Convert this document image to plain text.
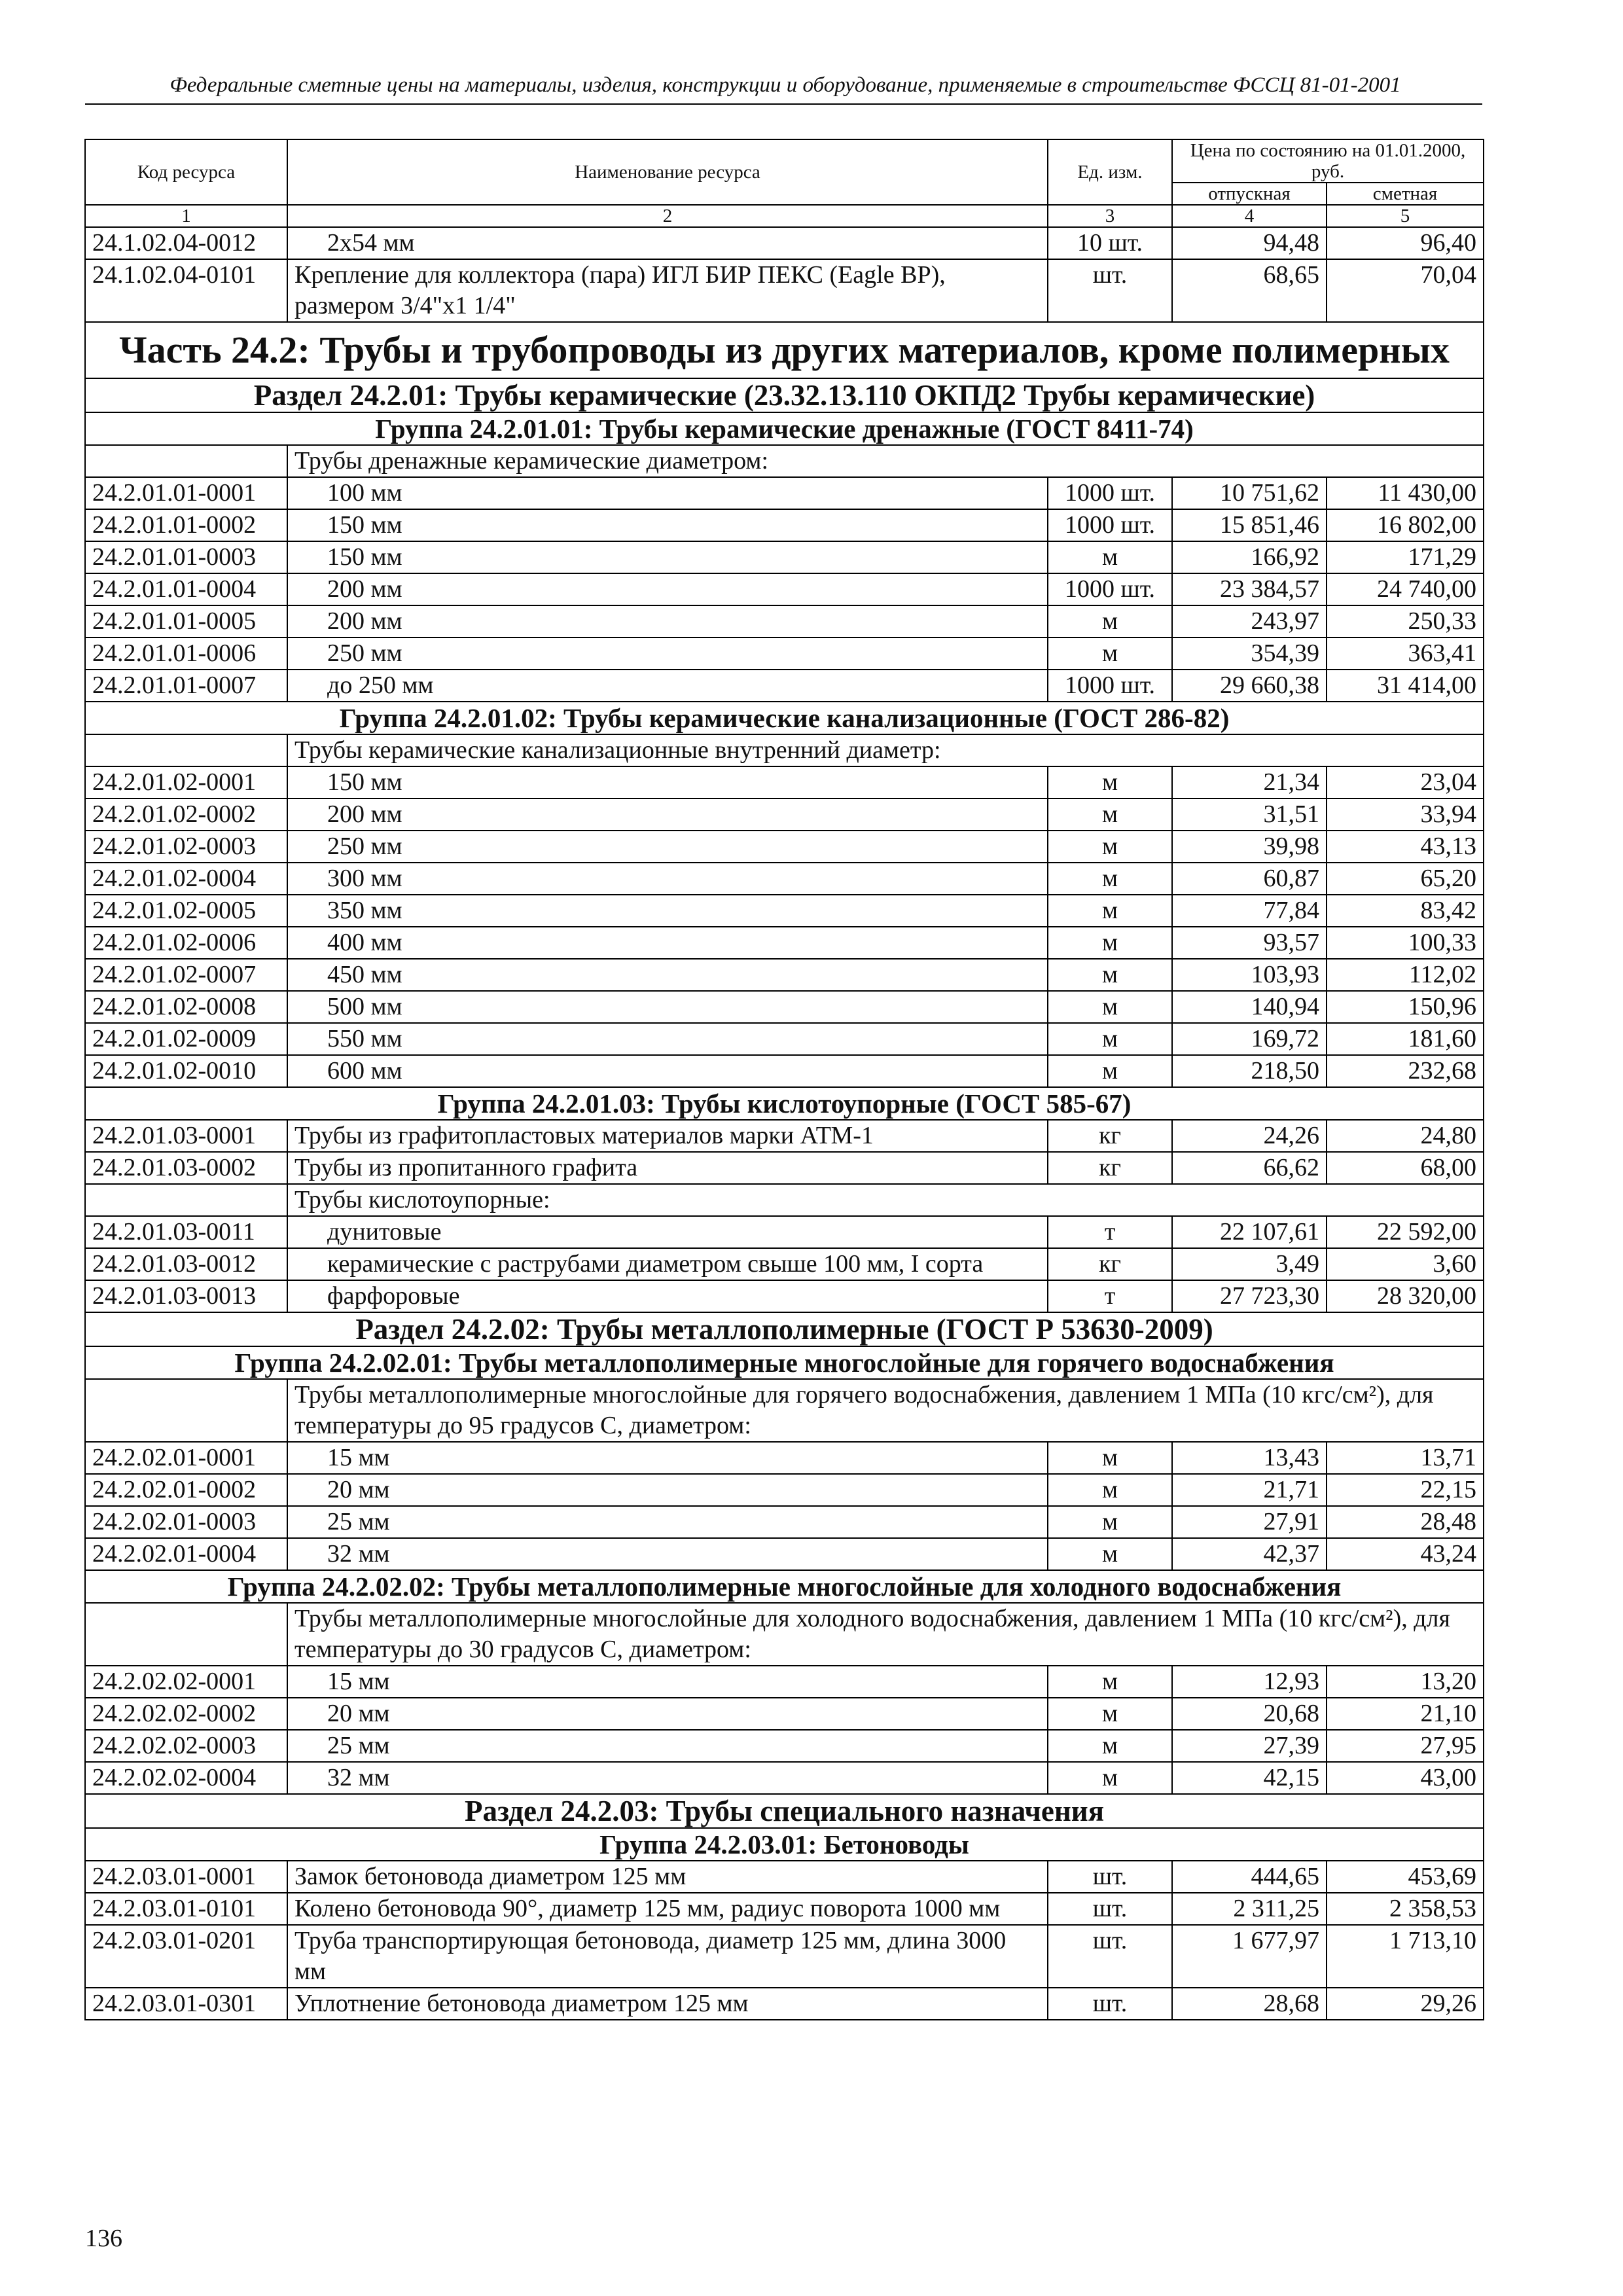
Федеральные сметные цены на материалы, изделия, конструкции и оборудование, применяемые в строительстве ФССЦ 81-01-2001
Код ресурса	Наименование ресурса	Ед. изм.	Цена по состоянию на 01.01.2000, руб.	
			отпускная	сметная
1	2	3	4	5
24.1.02.04-0012	2x54 мм	10 шт.	94,48	96,40
24.1.02.04-0101	Крепление для коллектора (пара) ИГЛ БИР ПЕКС (Eagle BP), размером 3/4"x1 1/4"	шт.	68,65	70,04
Часть 24.2: Трубы и трубопроводы из других материалов, кроме полимерных				
Раздел 24.2.01: Трубы керамические (23.32.13.110 ОКПД2 Трубы керамические)				
Группа 24.2.01.01: Трубы керамические дренажные (ГОСТ 8411-74)				
	Трубы дренажные керамические диаметром:			
24.2.01.01-0001	100 мм	1000 шт.	10 751,62	11 430,00
24.2.01.01-0002	150 мм	1000 шт.	15 851,46	16 802,00
24.2.01.01-0003	150 мм	м	166,92	171,29
24.2.01.01-0004	200 мм	1000 шт.	23 384,57	24 740,00
24.2.01.01-0005	200 мм	м	243,97	250,33
24.2.01.01-0006	250 мм	м	354,39	363,41
24.2.01.01-0007	до 250 мм	1000 шт.	29 660,38	31 414,00
Группа 24.2.01.02: Трубы керамические канализационные (ГОСТ 286-82)				
	Трубы керамические канализационные внутренний диаметр:			
24.2.01.02-0001	150 мм	м	21,34	23,04
24.2.01.02-0002	200 мм	м	31,51	33,94
24.2.01.02-0003	250 мм	м	39,98	43,13
24.2.01.02-0004	300 мм	м	60,87	65,20
24.2.01.02-0005	350 мм	м	77,84	83,42
24.2.01.02-0006	400 мм	м	93,57	100,33
24.2.01.02-0007	450 мм	м	103,93	112,02
24.2.01.02-0008	500 мм	м	140,94	150,96
24.2.01.02-0009	550 мм	м	169,72	181,60
24.2.01.02-0010	600 мм	м	218,50	232,68
Группа 24.2.01.03: Трубы кислотоупорные (ГОСТ 585-67)				
24.2.01.03-0001	Трубы из графитопластовых материалов марки АТМ-1	кг	24,26	24,80
24.2.01.03-0002	Трубы из пропитанного графита	кг	66,62	68,00
	Трубы кислотоупорные:			
24.2.01.03-0011	дунитовые	т	22 107,61	22 592,00
24.2.01.03-0012	керамические с раструбами диаметром свыше 100 мм, I сорта	кг	3,49	3,60
24.2.01.03-0013	фарфоровые	т	27 723,30	28 320,00
Раздел 24.2.02: Трубы металлополимерные (ГОСТ Р 53630-2009)				
Группа 24.2.02.01: Трубы металлополимерные многослойные для горячего водоснабжения				
	Трубы металлополимерные многослойные для горячего водоснабжения, давлением 1 МПа (10 кгс/см²), для температуры до 95 градусов С, диаметром:			
24.2.02.01-0001	15 мм	м	13,43	13,71
24.2.02.01-0002	20 мм	м	21,71	22,15
24.2.02.01-0003	25 мм	м	27,91	28,48
24.2.02.01-0004	32 мм	м	42,37	43,24
Группа 24.2.02.02: Трубы металлополимерные многослойные для холодного водоснабжения				
	Трубы металлополимерные многослойные для холодного водоснабжения, давлением 1 МПа (10 кгс/см²), для температуры до 30 градусов С, диаметром:			
24.2.02.02-0001	15 мм	м	12,93	13,20
24.2.02.02-0002	20 мм	м	20,68	21,10
24.2.02.02-0003	25 мм	м	27,39	27,95
24.2.02.02-0004	32 мм	м	42,15	43,00
Раздел 24.2.03: Трубы специального назначения				
Группа 24.2.03.01: Бетоноводы				
24.2.03.01-0001	Замок бетоновода диаметром 125 мм	шт.	444,65	453,69
24.2.03.01-0101	Колено бетоновода 90°, диаметр 125 мм, радиус поворота 1000 мм	шт.	2 311,25	2 358,53
24.2.03.01-0201	Труба транспортирующая бетоновода, диаметр 125 мм, длина 3000 мм	шт.	1 677,97	1 713,10
24.2.03.01-0301	Уплотнение бетоновода диаметром 125 мм	шт.	28,68	29,26
136
